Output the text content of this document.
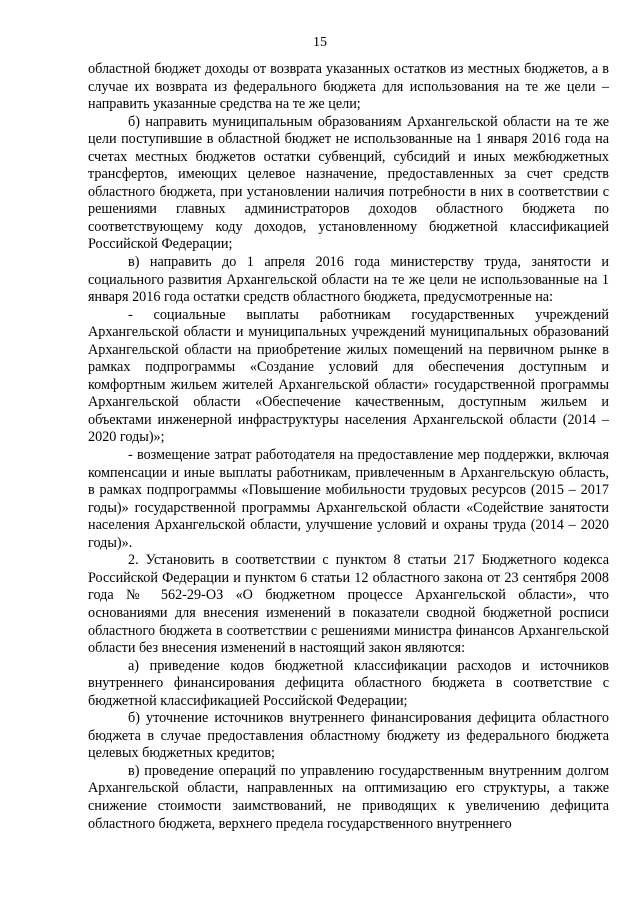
15

областной бюджет доходы от возврата указанных остатков из местных бюджетов, а в случае их возврата из федерального бюджета для использования на те же цели – направить указанные средства на те же цели;

б) направить муниципальным образованиям Архангельской области на те же цели поступившие в областной бюджет не использованные на 1 января 2016 года на счетах местных бюджетов остатки субвенций, субсидий и иных межбюджетных трансфертов, имеющих целевое назначение, предоставленных за счет средств областного бюджета, при установлении наличия потребности в них в соответствии с решениями главных администраторов доходов областного бюджета по соответствующему коду доходов, установленному бюджетной классификацией Российской Федерации;

в) направить до 1 апреля 2016 года министерству труда, занятости и социального развития Архангельской области на те же цели не использованные на 1 января 2016 года остатки средств областного бюджета, предусмотренные на:

- социальные выплаты работникам государственных учреждений Архангельской области и муниципальных учреждений муниципальных образований Архангельской области на приобретение жилых помещений на первичном рынке в рамках подпрограммы «Создание условий для обеспечения доступным и комфортным жильем жителей Архангельской области» государственной программы Архангельской области «Обеспечение качественным, доступным жильем и объектами инженерной инфраструктуры населения Архангельской области (2014 – 2020 годы)»;

- возмещение затрат работодателя на предоставление мер поддержки, включая компенсации и иные выплаты работникам, привлеченным в Архангельскую область, в рамках подпрограммы «Повышение мобильности трудовых ресурсов (2015 – 2017 годы)» государственной программы Архангельской области «Содействие занятости населения Архангельской области, улучшение условий и охраны труда (2014 – 2020 годы)».

2. Установить в соответствии с пунктом 8 статьи 217 Бюджетного кодекса Российской Федерации и пунктом 6 статьи 12 областного закона от 23 сентября 2008 года № 562-29-ОЗ «О бюджетном процессе Архангельской области», что основаниями для внесения изменений в показатели сводной бюджетной росписи областного бюджета в соответствии с решениями министра финансов Архангельской области без внесения изменений в настоящий закон являются:

а) приведение кодов бюджетной классификации расходов и источников внутреннего финансирования дефицита областного бюджета в соответствие с бюджетной классификацией Российской Федерации;

б) уточнение источников внутреннего финансирования дефицита областного бюджета в случае предоставления областному бюджету из федерального бюджета целевых бюджетных кредитов;

в) проведение операций по управлению государственным внутренним долгом Архангельской области, направленных на оптимизацию его структуры, а также снижение стоимости заимствований, не приводящих к увеличению дефицита областного бюджета, верхнего предела государственного внутреннего
